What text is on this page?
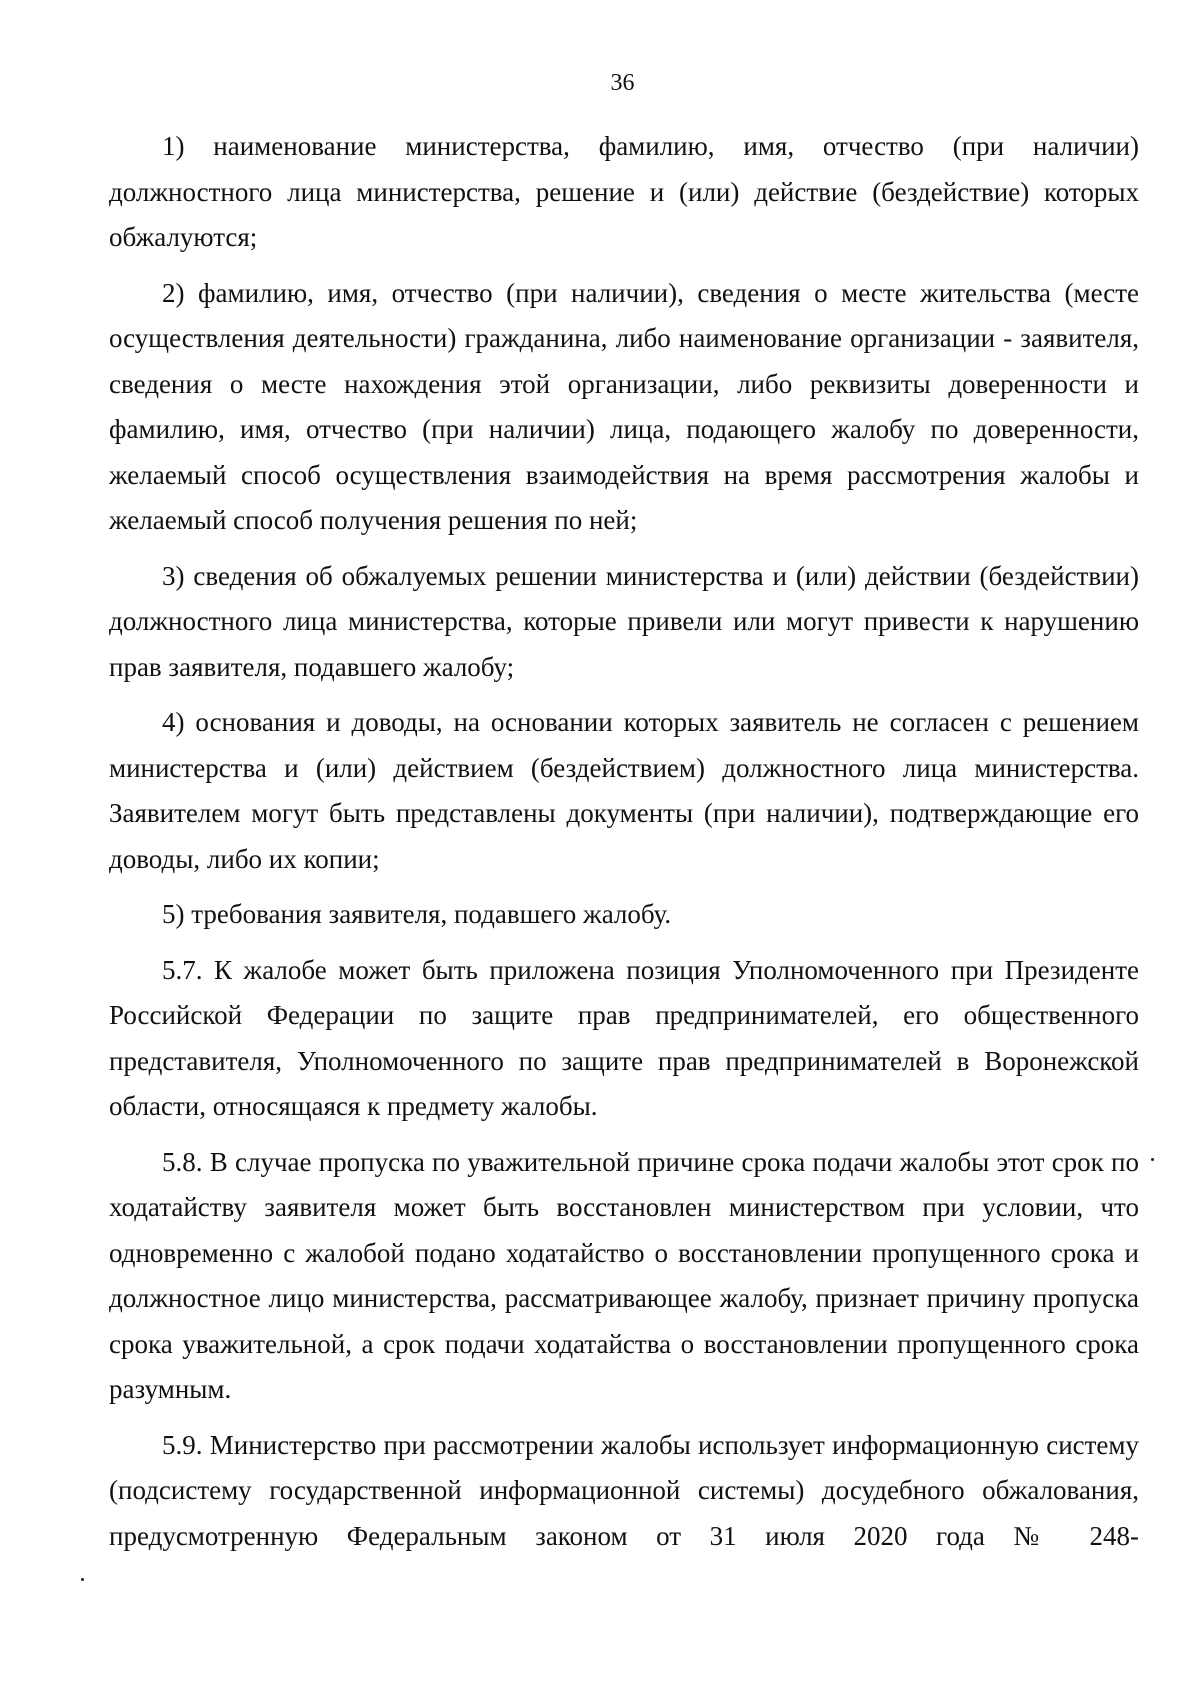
36

1) наименование министерства, фамилию, имя, отчество (при наличии) должностного лица министерства, решение и (или) действие (бездействие) которых обжалуются;

2) фамилию, имя, отчество (при наличии), сведения о месте жительства (месте осуществления деятельности) гражданина, либо наименование организации - заявителя, сведения о месте нахождения этой организации, либо реквизиты доверенности и фамилию, имя, отчество (при наличии) лица, подающего жалобу по доверенности, желаемый способ осуществления взаимодействия на время рассмотрения жалобы и желаемый способ получения решения по ней;

3) сведения об обжалуемых решении министерства и (или) действии (бездействии) должностного лица министерства, которые привели или могут привести к нарушению прав заявителя, подавшего жалобу;

4) основания и доводы, на основании которых заявитель не согласен с решением министерства и (или) действием (бездействием) должностного лица министерства. Заявителем могут быть представлены документы (при наличии), подтверждающие его доводы, либо их копии;

5) требования заявителя, подавшего жалобу.

5.7. К жалобе может быть приложена позиция Уполномоченного при Президенте Российской Федерации по защите прав предпринимателей, его общественного представителя, Уполномоченного по защите прав предпринимателей в Воронежской области, относящаяся к предмету жалобы.

5.8. В случае пропуска по уважительной причине срока подачи жалобы этот срок по ходатайству заявителя может быть восстановлен министерством при условии, что одновременно с жалобой подано ходатайство о восстановлении пропущенного срока и должностное лицо министерства, рассматривающее жалобу, признает причину пропуска срока уважительной, а срок подачи ходатайства о восстановлении пропущенного срока разумным.

5.9. Министерство при рассмотрении жалобы использует информационную систему (подсистему государственной информационной системы) досудебного обжалования, предусмотренную Федеральным законом от 31 июля 2020 года № 248-
